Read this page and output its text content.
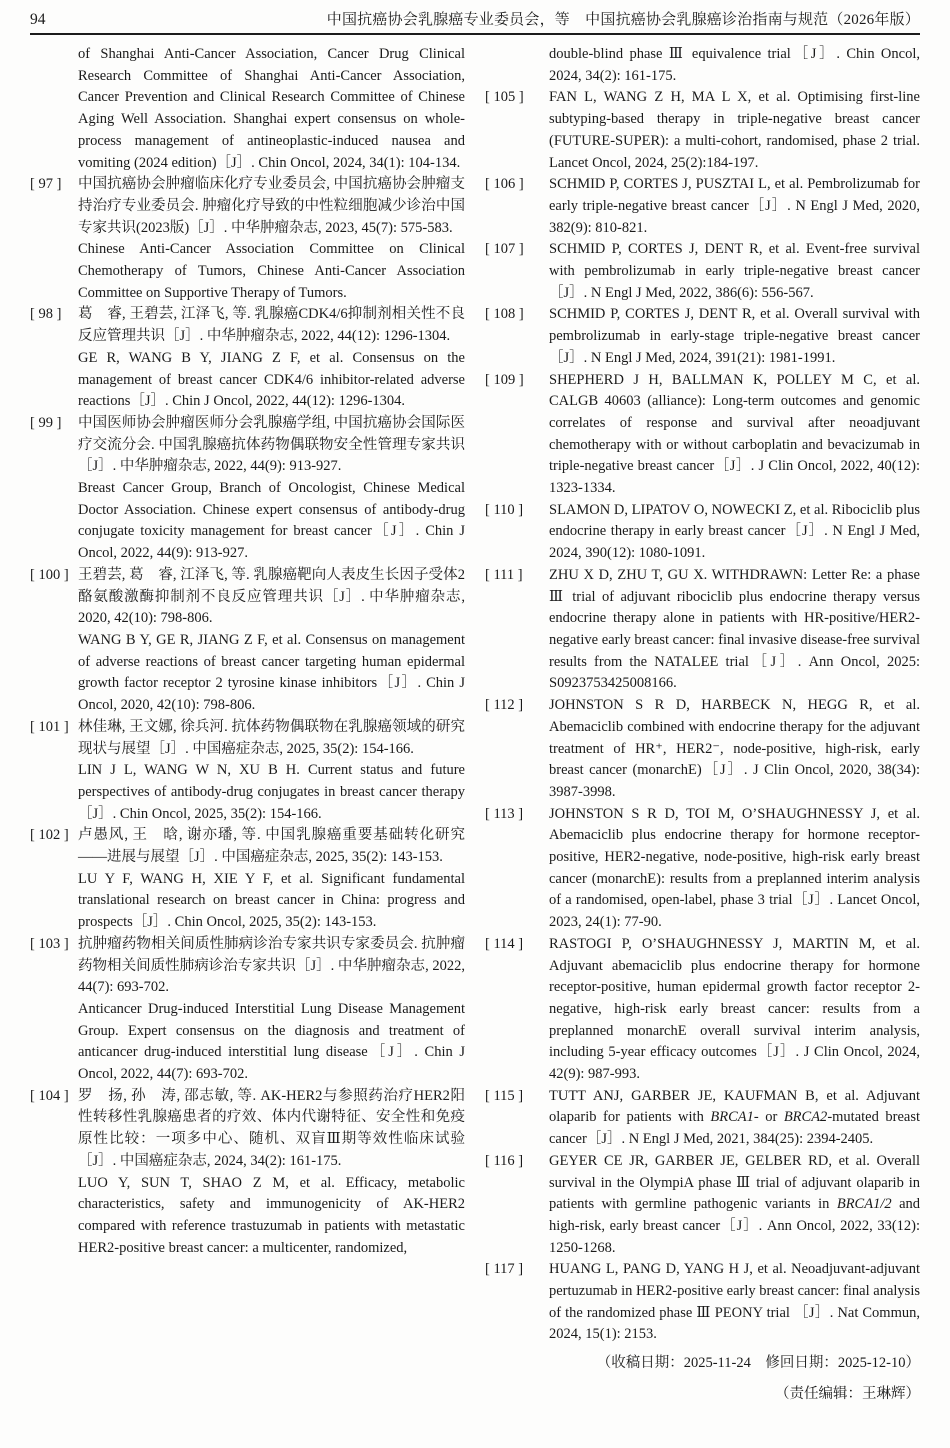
94	中国抗癌协会乳腺癌专业委员会，等　中国抗癌协会乳腺癌诊治指南与规范（2026年版）

of Shanghai Anti-Cancer Association, Cancer Drug Clinical Research Committee of Shanghai Anti-Cancer Association, Cancer Prevention and Clinical Research Committee of Chinese Aging Well Association. Shanghai expert consensus on whole-process management of antineoplastic-induced nausea and vomiting (2024 edition)［J］. Chin Oncol, 2024, 34(1): 104-134.

[ 97 ]	中国抗癌协会肿瘤临床化疗专业委员会, 中国抗癌协会肿瘤支持治疗专业委员会. 肿瘤化疗导致的中性粒细胞减少诊治中国专家共识(2023版)［J］. 中华肿瘤杂志, 2023, 45(7): 575-583.

Chinese Anti-Cancer Association Committee on Clinical Chemotherapy of Tumors, Chinese Anti-Cancer Association Committee on Supportive Therapy of Tumors.

[ 98 ]	葛　睿, 王碧芸, 江泽飞, 等. 乳腺癌CDK4/6抑制剂相关性不良反应管理共识［J］. 中华肿瘤杂志, 2022, 44(12): 1296-1304.

GE R, WANG B Y, JIANG Z F, et al. Consensus on the management of breast cancer CDK4/6 inhibitor-related adverse reactions［J］. Chin J Oncol, 2022, 44(12): 1296-1304.

[ 99 ]	中国医师协会肿瘤医师分会乳腺癌学组, 中国抗癌协会国际医疗交流分会. 中国乳腺癌抗体药物偶联物安全性管理专家共识［J］. 中华肿瘤杂志, 2022, 44(9): 913-927.

Breast Cancer Group, Branch of Oncologist, Chinese Medical Doctor Association. Chinese expert consensus of antibody-drug conjugate toxicity management for breast cancer［J］. Chin J Oncol, 2022, 44(9): 913-927.

[ 100 ] 王碧芸, 葛　睿, 江泽飞, 等. 乳腺癌靶向人表皮生长因子受体2酪氨酸激酶抑制剂不良反应管理共识［J］. 中华肿瘤杂志, 2020, 42(10): 798-806.

WANG B Y, GE R, JIANG Z F, et al. Consensus on management of adverse reactions of breast cancer targeting human epidermal growth factor receptor 2 tyrosine kinase inhibitors［J］. Chin J Oncol, 2020, 42(10): 798-806.

[ 101 ] 林佳琳, 王文娜, 徐兵河. 抗体药物偶联物在乳腺癌领域的研究现状与展望［J］. 中国癌症杂志, 2025, 35(2): 154-166.

LIN J L, WANG W N, XU B H. Current status and future perspectives of antibody-drug conjugates in breast cancer therapy［J］. Chin Oncol, 2025, 35(2): 154-166.

[ 102 ] 卢愚风, 王　晗, 谢亦璠, 等. 中国乳腺癌重要基础转化研究——进展与展望［J］. 中国癌症杂志, 2025, 35(2): 143-153.

LU Y F, WANG H, XIE Y F, et al. Significant fundamental translational research on breast cancer in China: progress and prospects［J］. Chin Oncol, 2025, 35(2): 143-153.

[ 103 ] 抗肿瘤药物相关间质性肺病诊治专家共识专家委员会. 抗肿瘤药物相关间质性肺病诊治专家共识［J］. 中华肿瘤杂志, 2022, 44(7): 693-702.

Anticancer Drug-induced Interstitial Lung Disease Management Group. Expert consensus on the diagnosis and treatment of anticancer drug-induced interstitial lung disease［J］. Chin J Oncol, 2022, 44(7): 693-702.

[ 104 ] 罗　扬, 孙　涛, 邵志敏, 等. AK-HER2与参照药治疗HER2阳性转移性乳腺癌患者的疗效、体内代谢特征、安全性和免疫原性比较：一项多中心、随机、双盲Ⅲ期等效性临床试验［J］. 中国癌症杂志, 2024, 34(2): 161-175.

LUO Y, SUN T, SHAO Z M, et al. Efficacy, metabolic characteristics, safety and immunogenicity of AK-HER2 compared with reference trastuzumab in patients with metastatic HER2-positive breast cancer: a multicenter, randomized,

double-blind phase Ⅲ equivalence trial［J］. Chin Oncol, 2024, 34(2): 161-175.

[ 105 ]	FAN L, WANG Z H, MA L X, et al. Optimising first-line subtyping-based therapy in triple-negative breast cancer (FUTURE-SUPER): a multi-cohort, randomised, phase 2 trial. Lancet Oncol, 2024, 25(2):184-197.

[ 106 ]	SCHMID P, CORTES J, PUSZTAI L, et al. Pembrolizumab for early triple-negative breast cancer［J］. N Engl J Med, 2020, 382(9): 810-821.

[ 107 ]	SCHMID P, CORTES J, DENT R, et al. Event-free survival with pembrolizumab in early triple-negative breast cancer［J］. N Engl J Med, 2022, 386(6): 556-567.

[ 108 ]	SCHMID P, CORTES J, DENT R, et al. Overall survival with pembrolizumab in early-stage triple-negative breast cancer［J］. N Engl J Med, 2024, 391(21): 1981-1991.

[ 109 ]	SHEPHERD J H, BALLMAN K, POLLEY M C, et al. CALGB 40603 (alliance): Long-term outcomes and genomic correlates of response and survival after neoadjuvant chemotherapy with or without carboplatin and bevacizumab in triple-negative breast cancer［J］. J Clin Oncol, 2022, 40(12): 1323-1334.

[ 110 ]	SLAMON D, LIPATOV O, NOWECKI Z, et al. Ribociclib plus endocrine therapy in early breast cancer［J］. N Engl J Med, 2024, 390(12): 1080-1091.

[ 111 ]	ZHU X D, ZHU T, GU X. WITHDRAWN: Letter Re: a phase Ⅲ trial of adjuvant ribociclib plus endocrine therapy versus endocrine therapy alone in patients with HR-positive/HER2-negative early breast cancer: final invasive disease-free survival results from the NATALEE trial［J］. Ann Oncol, 2025: S0923753425008166.

[ 112 ]	JOHNSTON S R D, HARBECK N, HEGG R, et al. Abemaciclib combined with endocrine therapy for the adjuvant treatment of HR⁺, HER2⁻, node-positive, high-risk, early breast cancer (monarchE)［J］. J Clin Oncol, 2020, 38(34): 3987-3998.

[ 113 ]	JOHNSTON S R D, TOI M, O’SHAUGHNESSY J, et al. Abemaciclib plus endocrine therapy for hormone receptor-positive, HER2-negative, node-positive, high-risk early breast cancer (monarchE): results from a preplanned interim analysis of a randomised, open-label, phase 3 trial［J］. Lancet Oncol, 2023, 24(1): 77-90.

[ 114 ]	RASTOGI P, O’SHAUGHNESSY J, MARTIN M, et al. Adjuvant abemaciclib plus endocrine therapy for hormone receptor-positive, human epidermal growth factor receptor 2-negative, high-risk early breast cancer: results from a preplanned monarchE overall survival interim analysis, including 5-year efficacy outcomes［J］. J Clin Oncol, 2024, 42(9): 987-993.

[ 115 ]	TUTT ANJ, GARBER JE, KAUFMAN B, et al. Adjuvant olaparib for patients with BRCA1- or BRCA2-mutated breast cancer［J］. N Engl J Med, 2021, 384(25): 2394-2405.

[ 116 ]	GEYER CE JR, GARBER JE, GELBER RD, et al. Overall survival in the OlympiA phase Ⅲ trial of adjuvant olaparib in patients with germline pathogenic variants in BRCA1/2 and high-risk, early breast cancer［J］. Ann Oncol, 2022, 33(12): 1250-1268.

[ 117 ]	HUANG L, PANG D, YANG H J, et al. Neoadjuvant-adjuvant pertuzumab in HER2-positive early breast cancer: final analysis of the randomized phase Ⅲ PEONY trial ［J］. Nat Commun, 2024, 15(1): 2153.

（收稿日期：2025-11-24　修回日期：2025-12-10）
（责任编辑：王琳辉）
